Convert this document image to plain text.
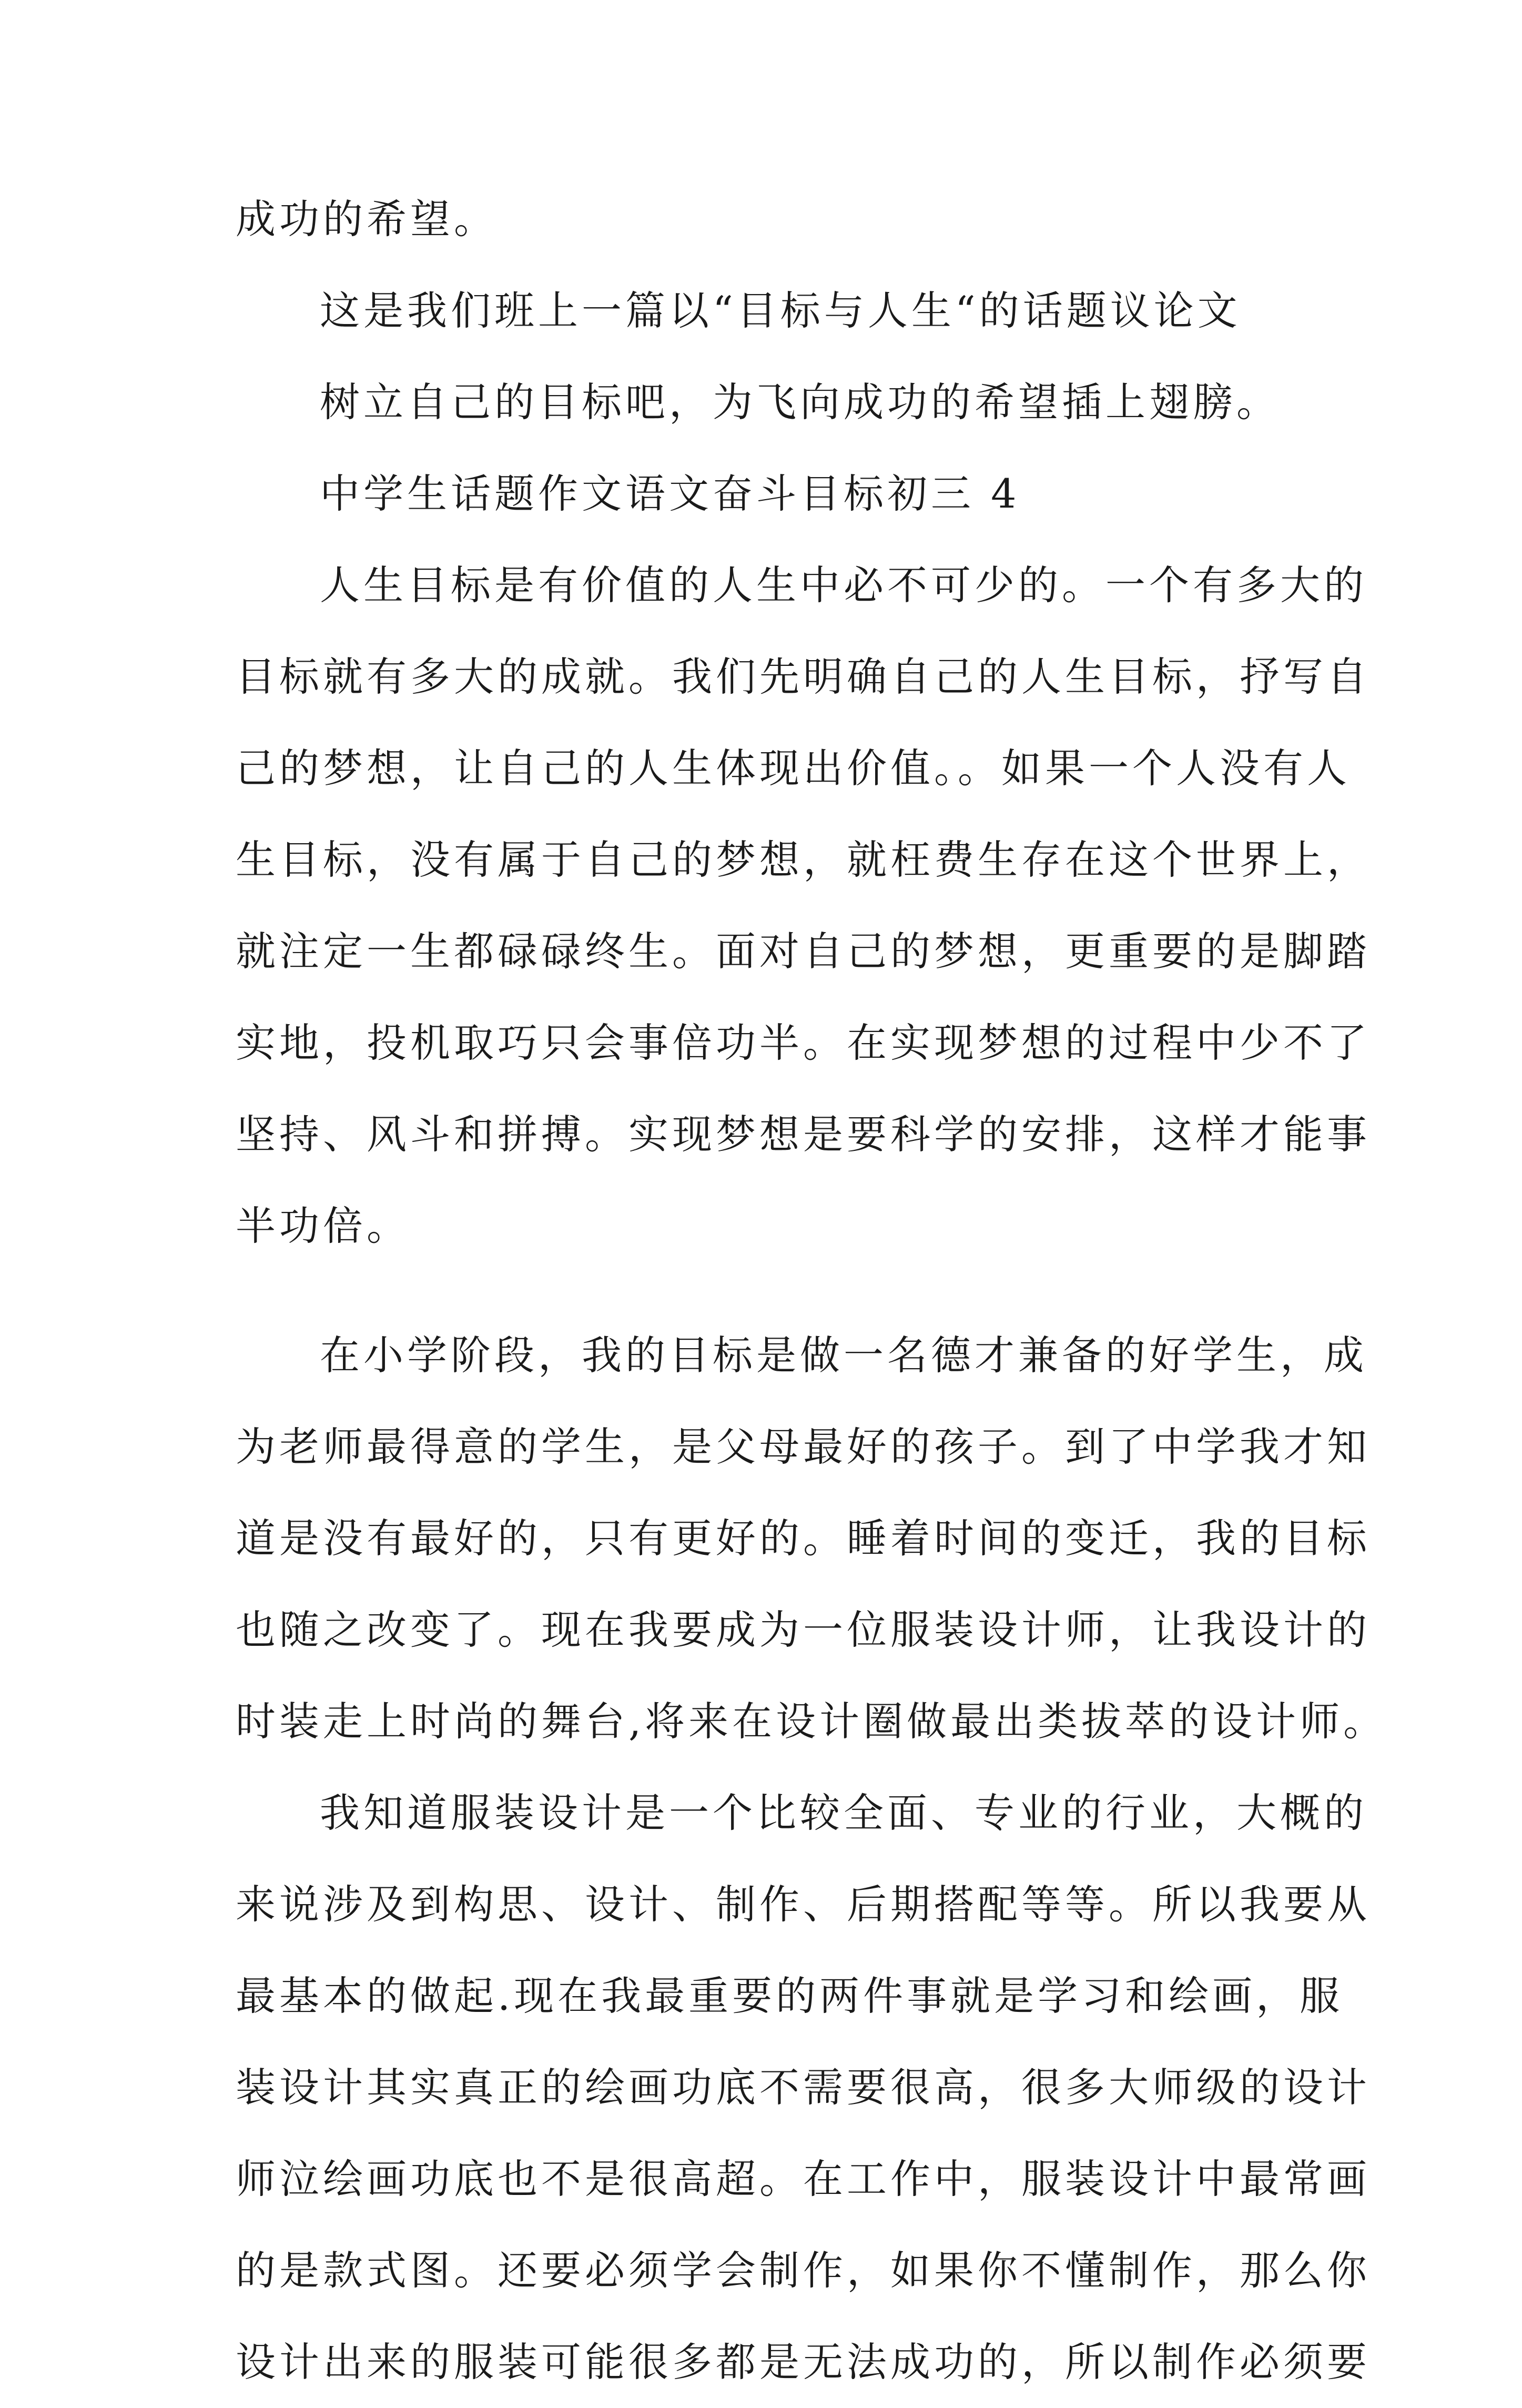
成功的希望。
这是我们班上一篇以“目标与人生“的话题议论文
树立自己的目标吧，为飞向成功的希望插上翅膀。
中学生话题作文语文奋斗目标初三 4
人生目标是有价值的人生中必不可少的。一个有多大的
目标就有多大的成就。我们先明确自己的人生目标，抒写自
己的梦想，让自己的人生体现出价值。。如果一个人没有人
生目标，没有属于自己的梦想，就枉费生存在这个世界上，
就注定一生都碌碌终生。面对自己的梦想，更重要的是脚踏
实地，投机取巧只会事倍功半。在实现梦想的过程中少不了
坚持、风斗和拼搏。实现梦想是要科学的安排，这样才能事
半功倍。
在小学阶段，我的目标是做一名德才兼备的好学生，成
为老师最得意的学生，是父母最好的孩子。到了中学我才知
道是没有最好的，只有更好的。睡着时间的变迁，我的目标
也随之改变了。现在我要成为一位服装设计师，让我设计的
时装走上时尚的舞台,将来在设计圈做最出类拔萃的设计师。
我知道服装设计是一个比较全面、专业的行业，大概的
来说涉及到构思、设计、制作、后期搭配等等。所以我要从
最基本的做起.现在我最重要的两件事就是学习和绘画，服
装设计其实真正的绘画功底不需要很高，很多大师级的设计
师泣绘画功底也不是很高超。在工作中，服装设计中最常画
的是款式图。还要必须学会制作，如果你不懂制作，那么你
设计出来的服装可能很多都是无法成功的，所以制作必须要
